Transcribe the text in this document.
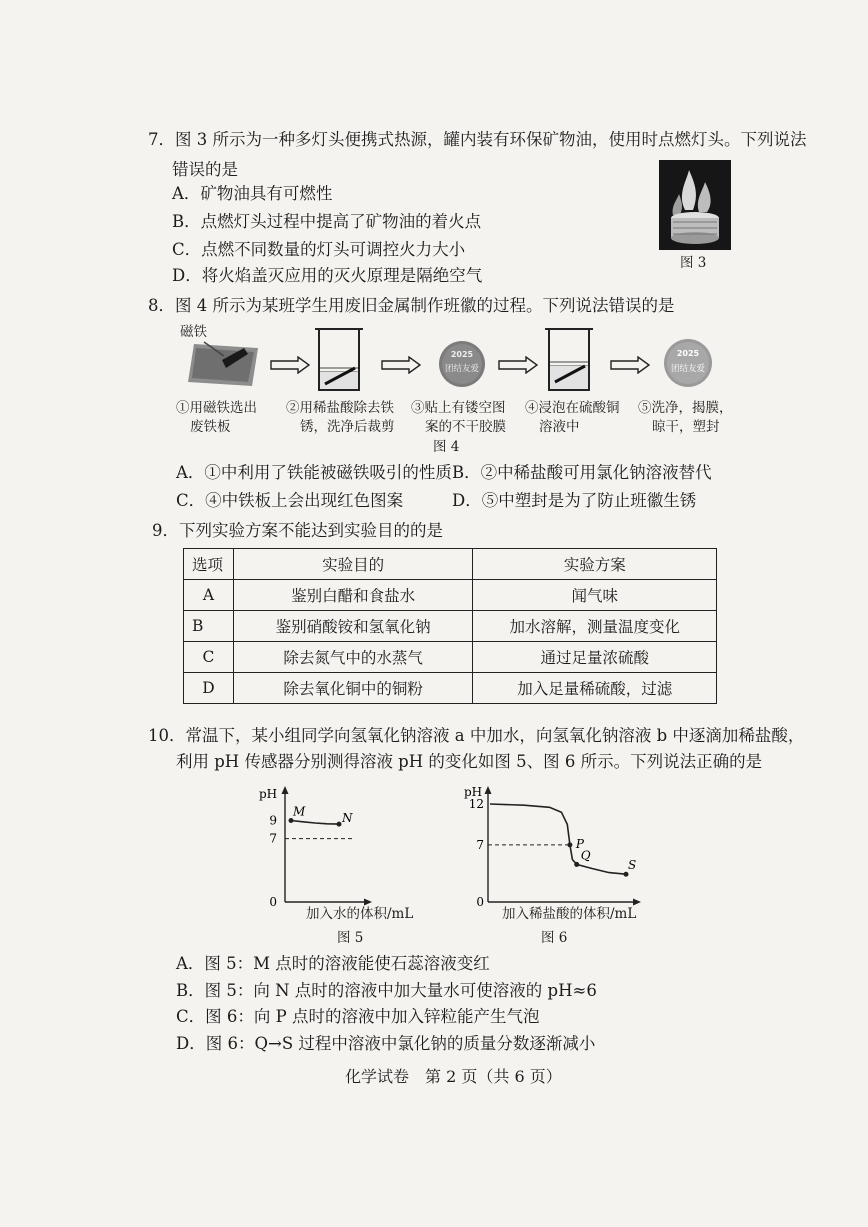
7．图 3 所示为一种多灯头便携式热源，罐内装有环保矿物油，使用时点燃灯头。下列说法
错误的是
A．矿物油具有可燃性
B．点燃灯头过程中提高了矿物油的着火点
C．点燃不同数量的灯头可调控火力大小
D．将火焰盖灭应用的灭火原理是隔绝空气
图 3
8．图 4 所示为某班学生用废旧金属制作班徽的过程。下列说法错误的是
磁铁
2025
团结友爱
2025
团结友爱
①用磁铁选出
废铁板
②用稀盐酸除去铁
锈，洗净后裁剪
③贴上有镂空图
案的不干胶膜
④浸泡在硫酸铜
溶液中
⑤洗净，揭膜，
晾干，塑封
图 4
A．①中利用了铁能被磁铁吸引的性质 B．②中稀盐酸可用氯化钠溶液替代
C．④中铁板上会出现红色图案	D．⑤中塑封是为了防止班徽生锈
9．下列实验方案不能达到实验目的的是
选项	实验目的	实验方案
A	鉴别白醋和食盐水	闻气味
B	鉴别硝酸铵和氢氧化钠	加水溶解，测量温度变化
C	除去氮气中的水蒸气	通过足量浓硫酸
D	除去氧化铜中的铜粉	加入足量稀硫酸，过滤
10．常温下，某小组同学向氢氧化钠溶液 a 中加水，向氢氧化钠溶液 b 中逐滴加稀盐酸，
利用 pH 传感器分别测得溶液 pH 的变化如图 5、图 6 所示。下列说法正确的是
M	N
9
7
0
pH
加入水的体积/mL
图 5
P
Q
S
12
7
0
pH
加入稀盐酸的体积/mL
图 6
A．图 5：M 点时的溶液能使石蕊溶液变红
B．图 5：向 N 点时的溶液中加大量水可使溶液的 pH≈6
C．图 6：向 P 点时的溶液中加入锌粒能产生气泡
D．图 6：Q→S 过程中溶液中氯化钠的质量分数逐渐减小
化学试卷　第 2 页（共 6 页）
